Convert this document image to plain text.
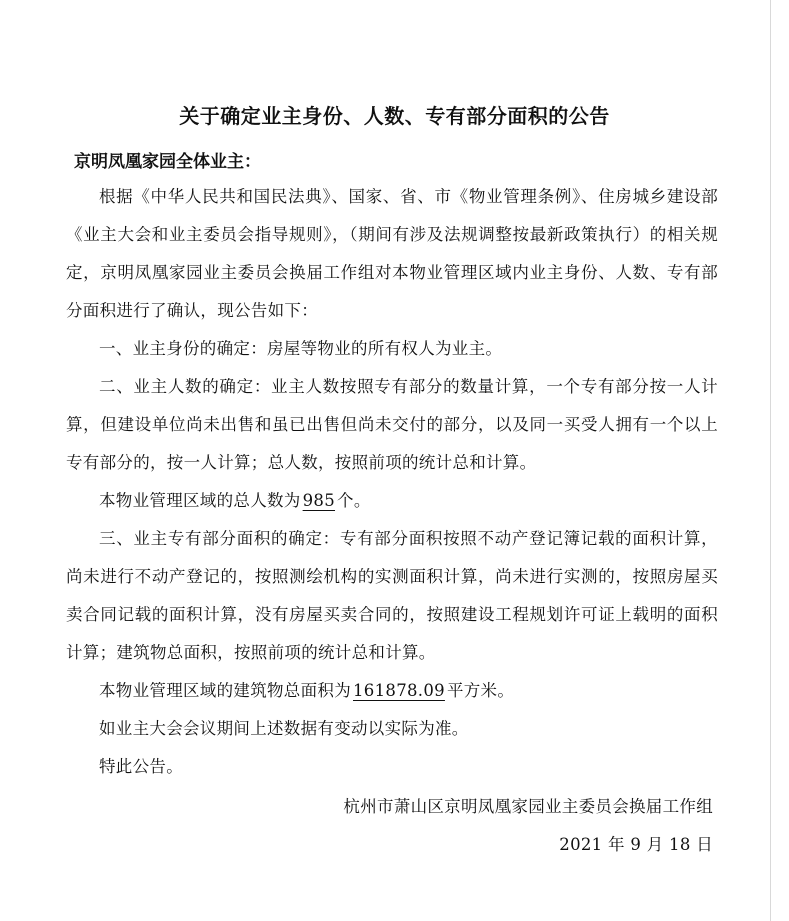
关于确定业主身份、人数、专有部分面积的公告
京明凤凰家园全体业主：

根据《中华人民共和国民法典》、国家、省、市《物业管理条例》、住房城乡建设部《业主大会和业主委员会指导规则》，（期间有涉及法规调整按最新政策执行）的相关规定，京明凤凰家园业主委员会换届工作组对本物业管理区域内业主身份、人数、专有部分面积进行了确认，现公告如下：

一、业主身份的确定：房屋等物业的所有权人为业主。

二、业主人数的确定：业主人数按照专有部分的数量计算，一个专有部分按一人计算，但建设单位尚未出售和虽已出售但尚未交付的部分，以及同一买受人拥有一个以上专有部分的，按一人计算；总人数，按照前项的统计总和计算。

本物业管理区域的总人数为 985 个。

三、业主专有部分面积的确定：专有部分面积按照不动产登记簿记载的面积计算，尚未进行不动产登记的，按照测绘机构的实测面积计算，尚未进行实测的，按照房屋买卖合同记载的面积计算，没有房屋买卖合同的，按照建设工程规划许可证上载明的面积计算；建筑物总面积，按照前项的统计总和计算。

本物业管理区域的建筑物总面积为 161878.09 平方米。

如业主大会会议期间上述数据有变动以实际为准。

特此公告。

杭州市萧山区京明凤凰家园业主委员会换届工作组
2021 年 9 月 18 日
